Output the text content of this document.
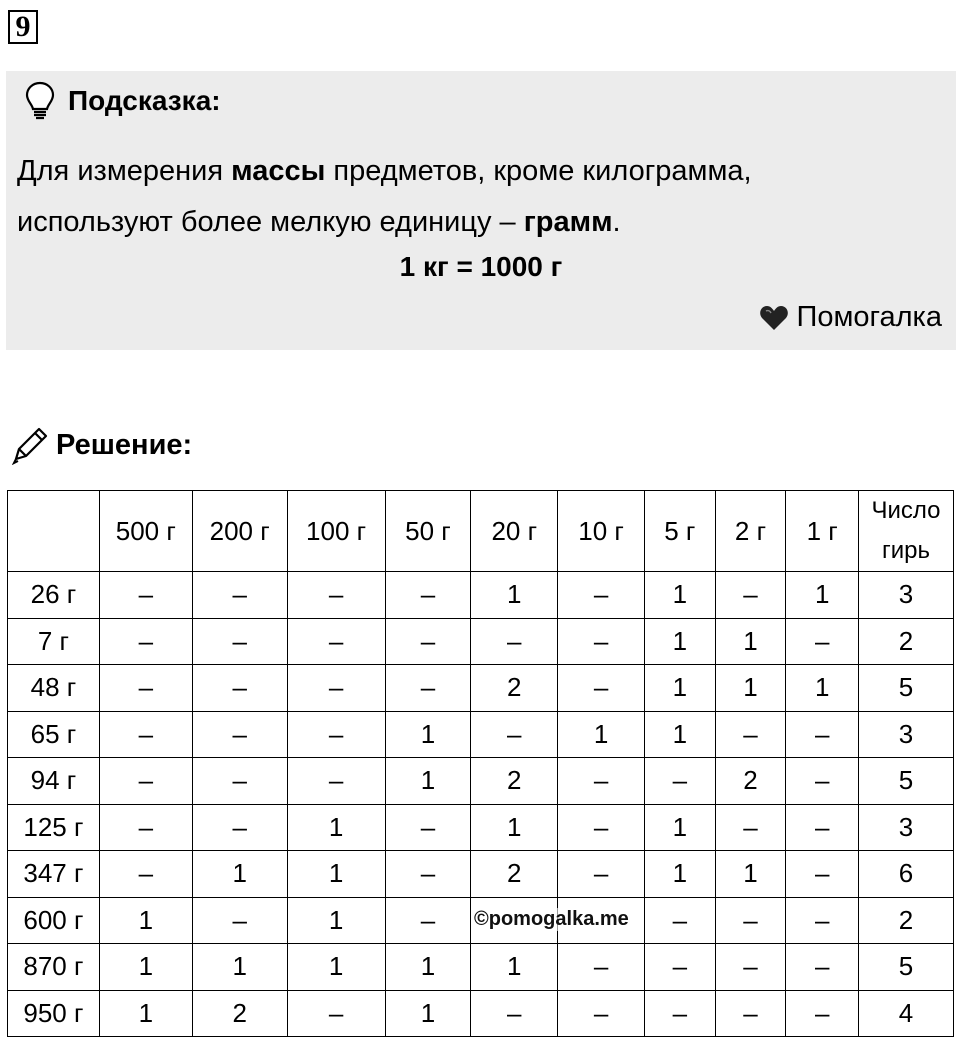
9
Подсказка:
Для измерения массы предметов, кроме килограмма,
используют более мелкую единицу – грамм.
1 кг = 1000 г
Помогалка
Решение:
	500 г	200 г	100 г	50 г	20 г	10 г	5 г	2 г	1 г	Число
гирь

26 г	–	–	–	–	1	–	1	–	1	3
7 г	–	–	–	–	–	–	1	1	–	2
48 г	–	–	–	–	2	–	1	1	1	5
65 г	–	–	–	1	–	1	1	–	–	3
94 г	–	–	–	1	2	–	–	2	–	5
125 г	–	–	1	–	1	–	1	–	–	3
347 г	–	1	1	–	2	–	1	1	–	6
600 г	1	–	1	–			–	–	–	2
870 г	1	1	1	1	1	–	–	–	–	5
950 г	1	2	–	1	–	–	–	–	–	4
©pomogalka.me
